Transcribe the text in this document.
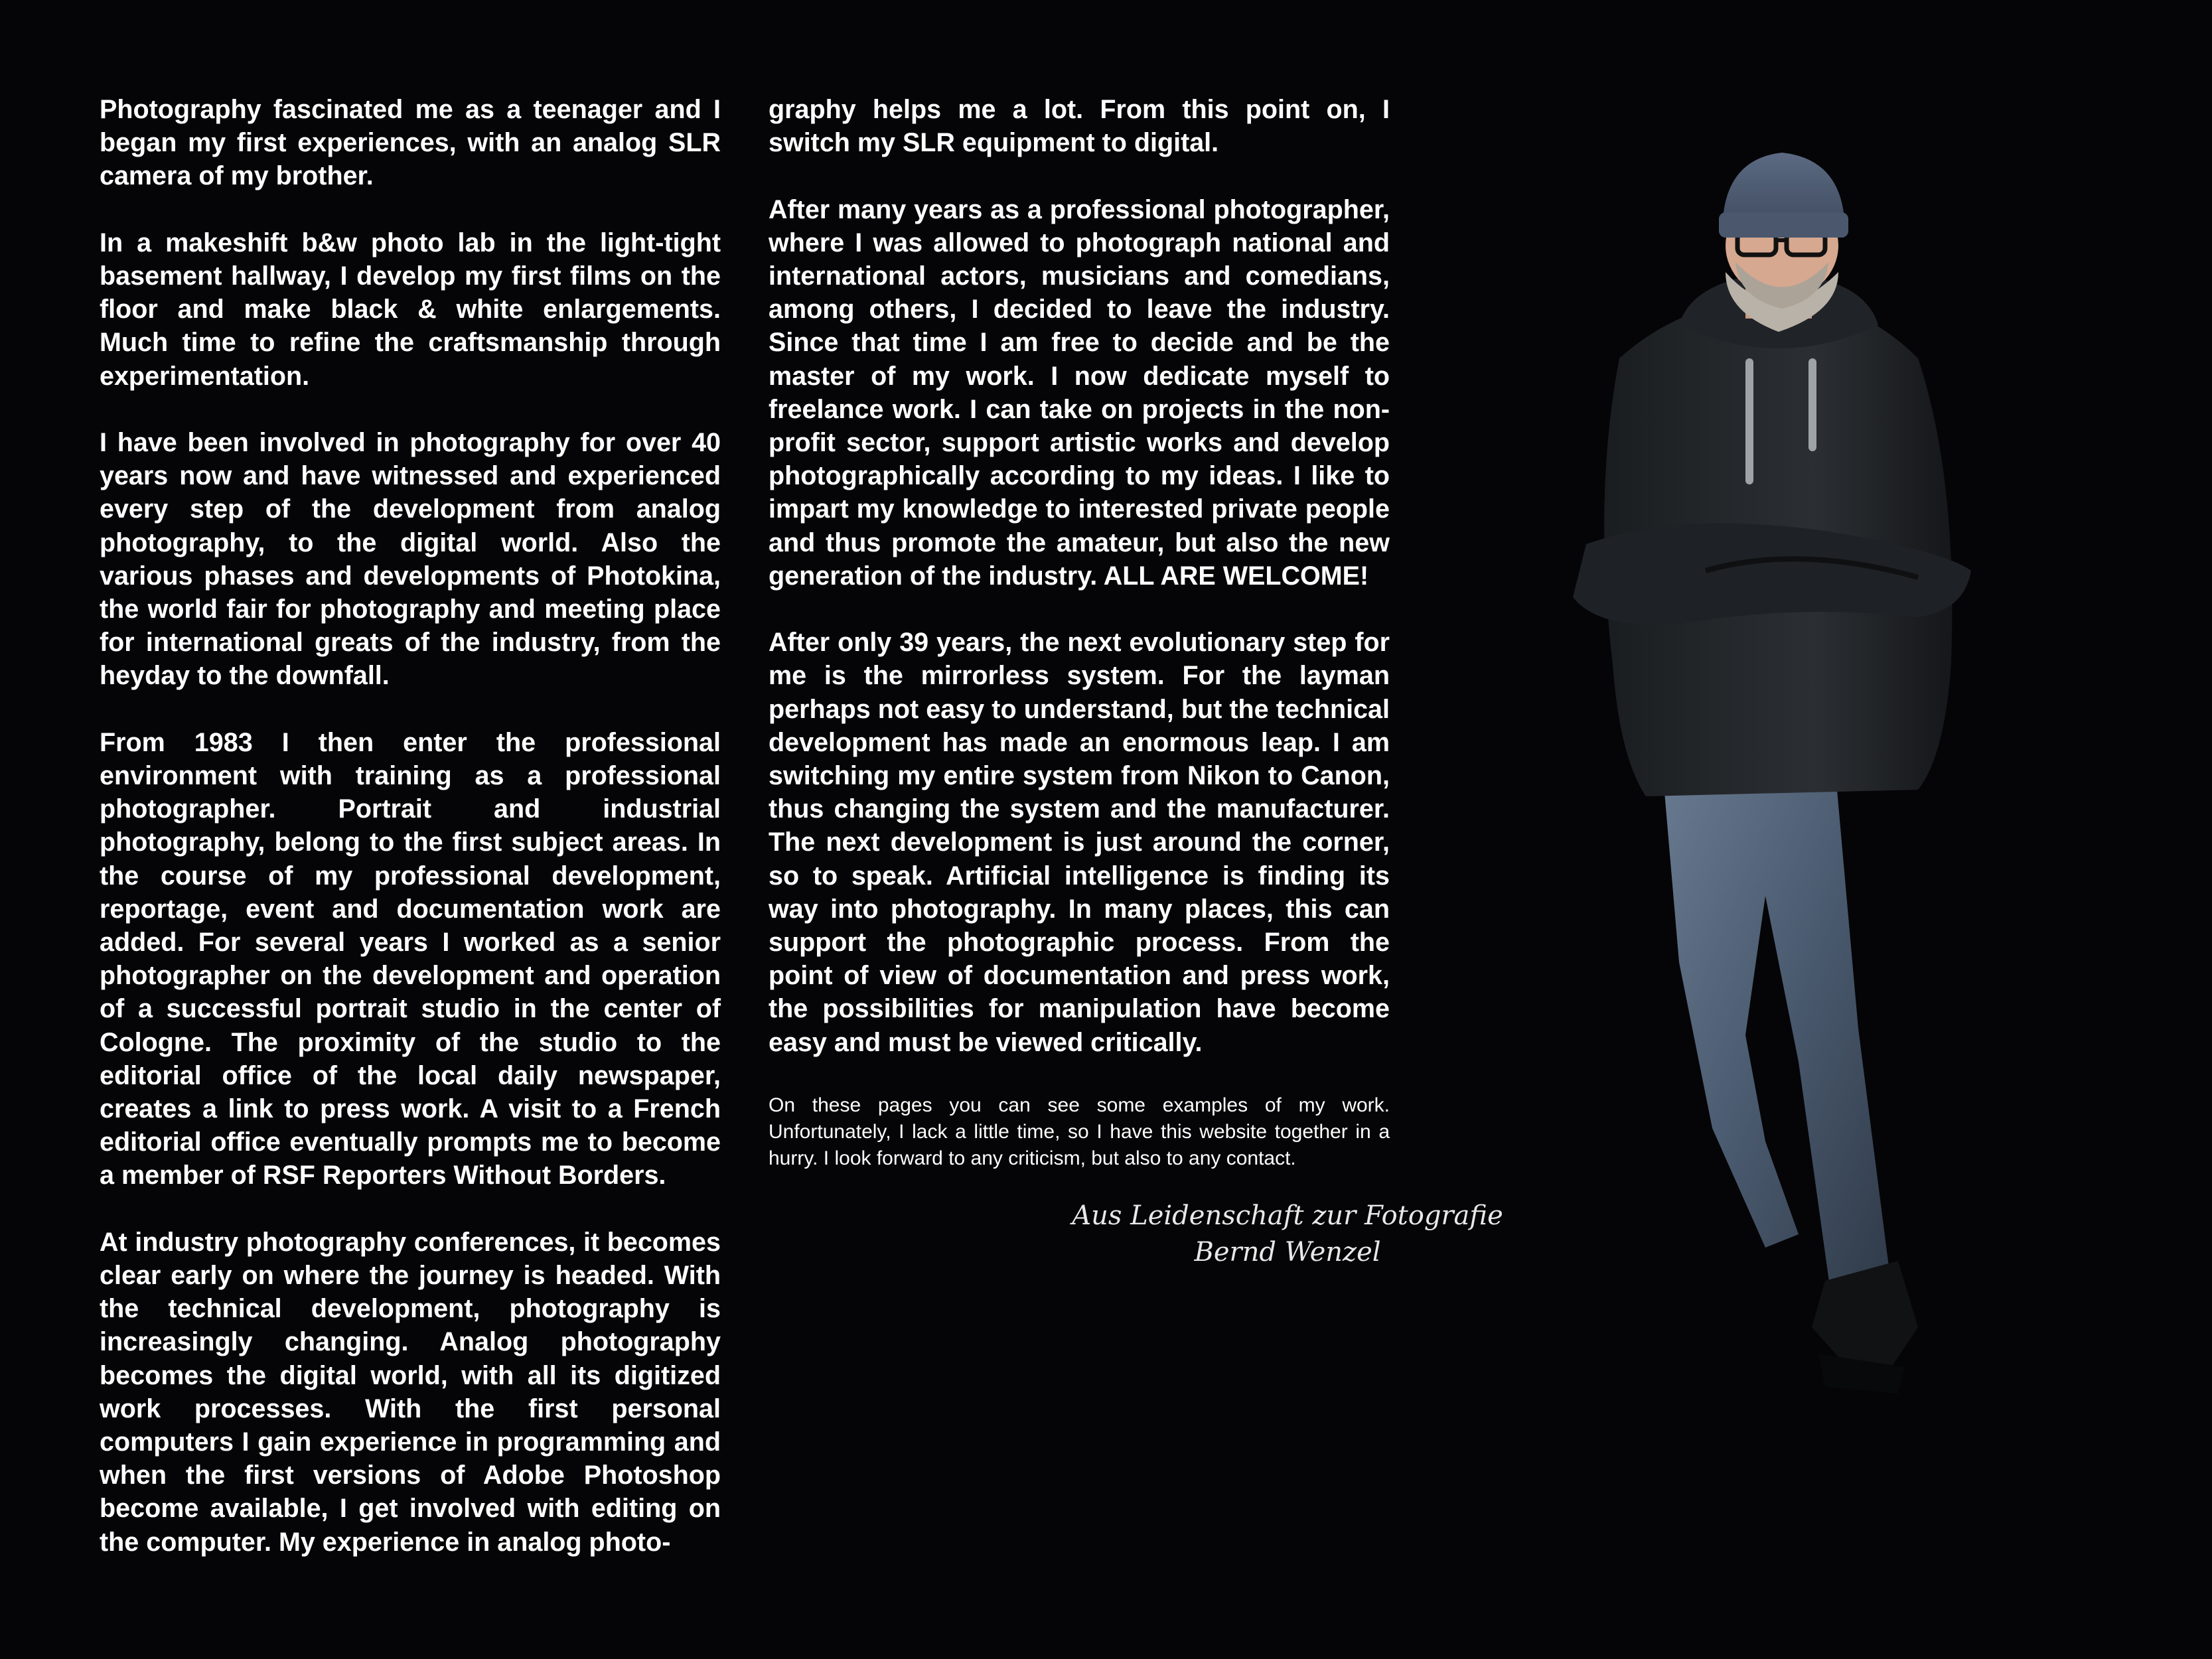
Photography fascinated me as a teenager and I began my first experiences, with an analog SLR camera of my brother.

In a makeshift b&w photo lab in the light-tight basement hallway, I develop my first films on the floor and make black & white enlargements. Much time to refine the craftsmanship through experimentation.

I have been involved in photography for over 40 years now and have witnessed and experienced every step of the development from analog photography, to the digital world. Also the various phases and developments of Photokina, the world fair for photography and meeting place for international greats of the industry, from the heyday to the downfall.

From 1983 I then enter the professional environment with training as a professional photographer. Portrait and industrial photography, belong to the first subject areas. In the course of my professional development, reportage, event and documentation work are added. For several years I worked as a senior photographer on the development and operation of a successful portrait studio in the center of Cologne. The proximity of the studio to the editorial office of the local daily newspaper, creates a link to press work. A visit to a French editorial office eventually prompts me to become a member of RSF Reporters Without Borders.

At industry photography conferences, it becomes clear early on where the journey is headed. With the technical development, photography is increasingly changing. Analog photography becomes the digital world, with all its digitized work processes. With the first personal computers I gain experience in programming and when the first versions of Adobe Photoshop become available, I get involved with editing on the computer. My experience in analog photo-

graphy helps me a lot. From this point on, I switch my SLR equipment to digital.

After many years as a professional photographer, where I was allowed to photograph national and international actors, musicians and comedians, among others, I decided to leave the industry. Since that time I am free to decide and be the master of my work. I now dedicate myself to freelance work. I can take on projects in the non-profit sector, support artistic works and develop photographically according to my ideas. I like to impart my knowledge to interested private people and thus promote the amateur, but also the new generation of the industry. ALL ARE WELCOME!

After only 39 years, the next evolutionary step for me is the mirrorless system. For the layman perhaps not easy to understand, but the technical development has made an enormous leap. I am switching my entire system from Nikon to Canon, thus changing the system and the manufacturer. The next development is just around the corner, so to speak. Artificial intelligence is finding its way into photography. In many places, this can support the photographic process. From the point of view of documentation and press work, the possibilities for manipulation have become easy and must be viewed critically.

On these pages you can see some examples of my work. Unfortunately, I lack a little time, so I have this website together in a hurry. I look forward to any criticism, but also to any contact.

Aus Leidenschaft zur Fotografie
Bernd Wenzel
